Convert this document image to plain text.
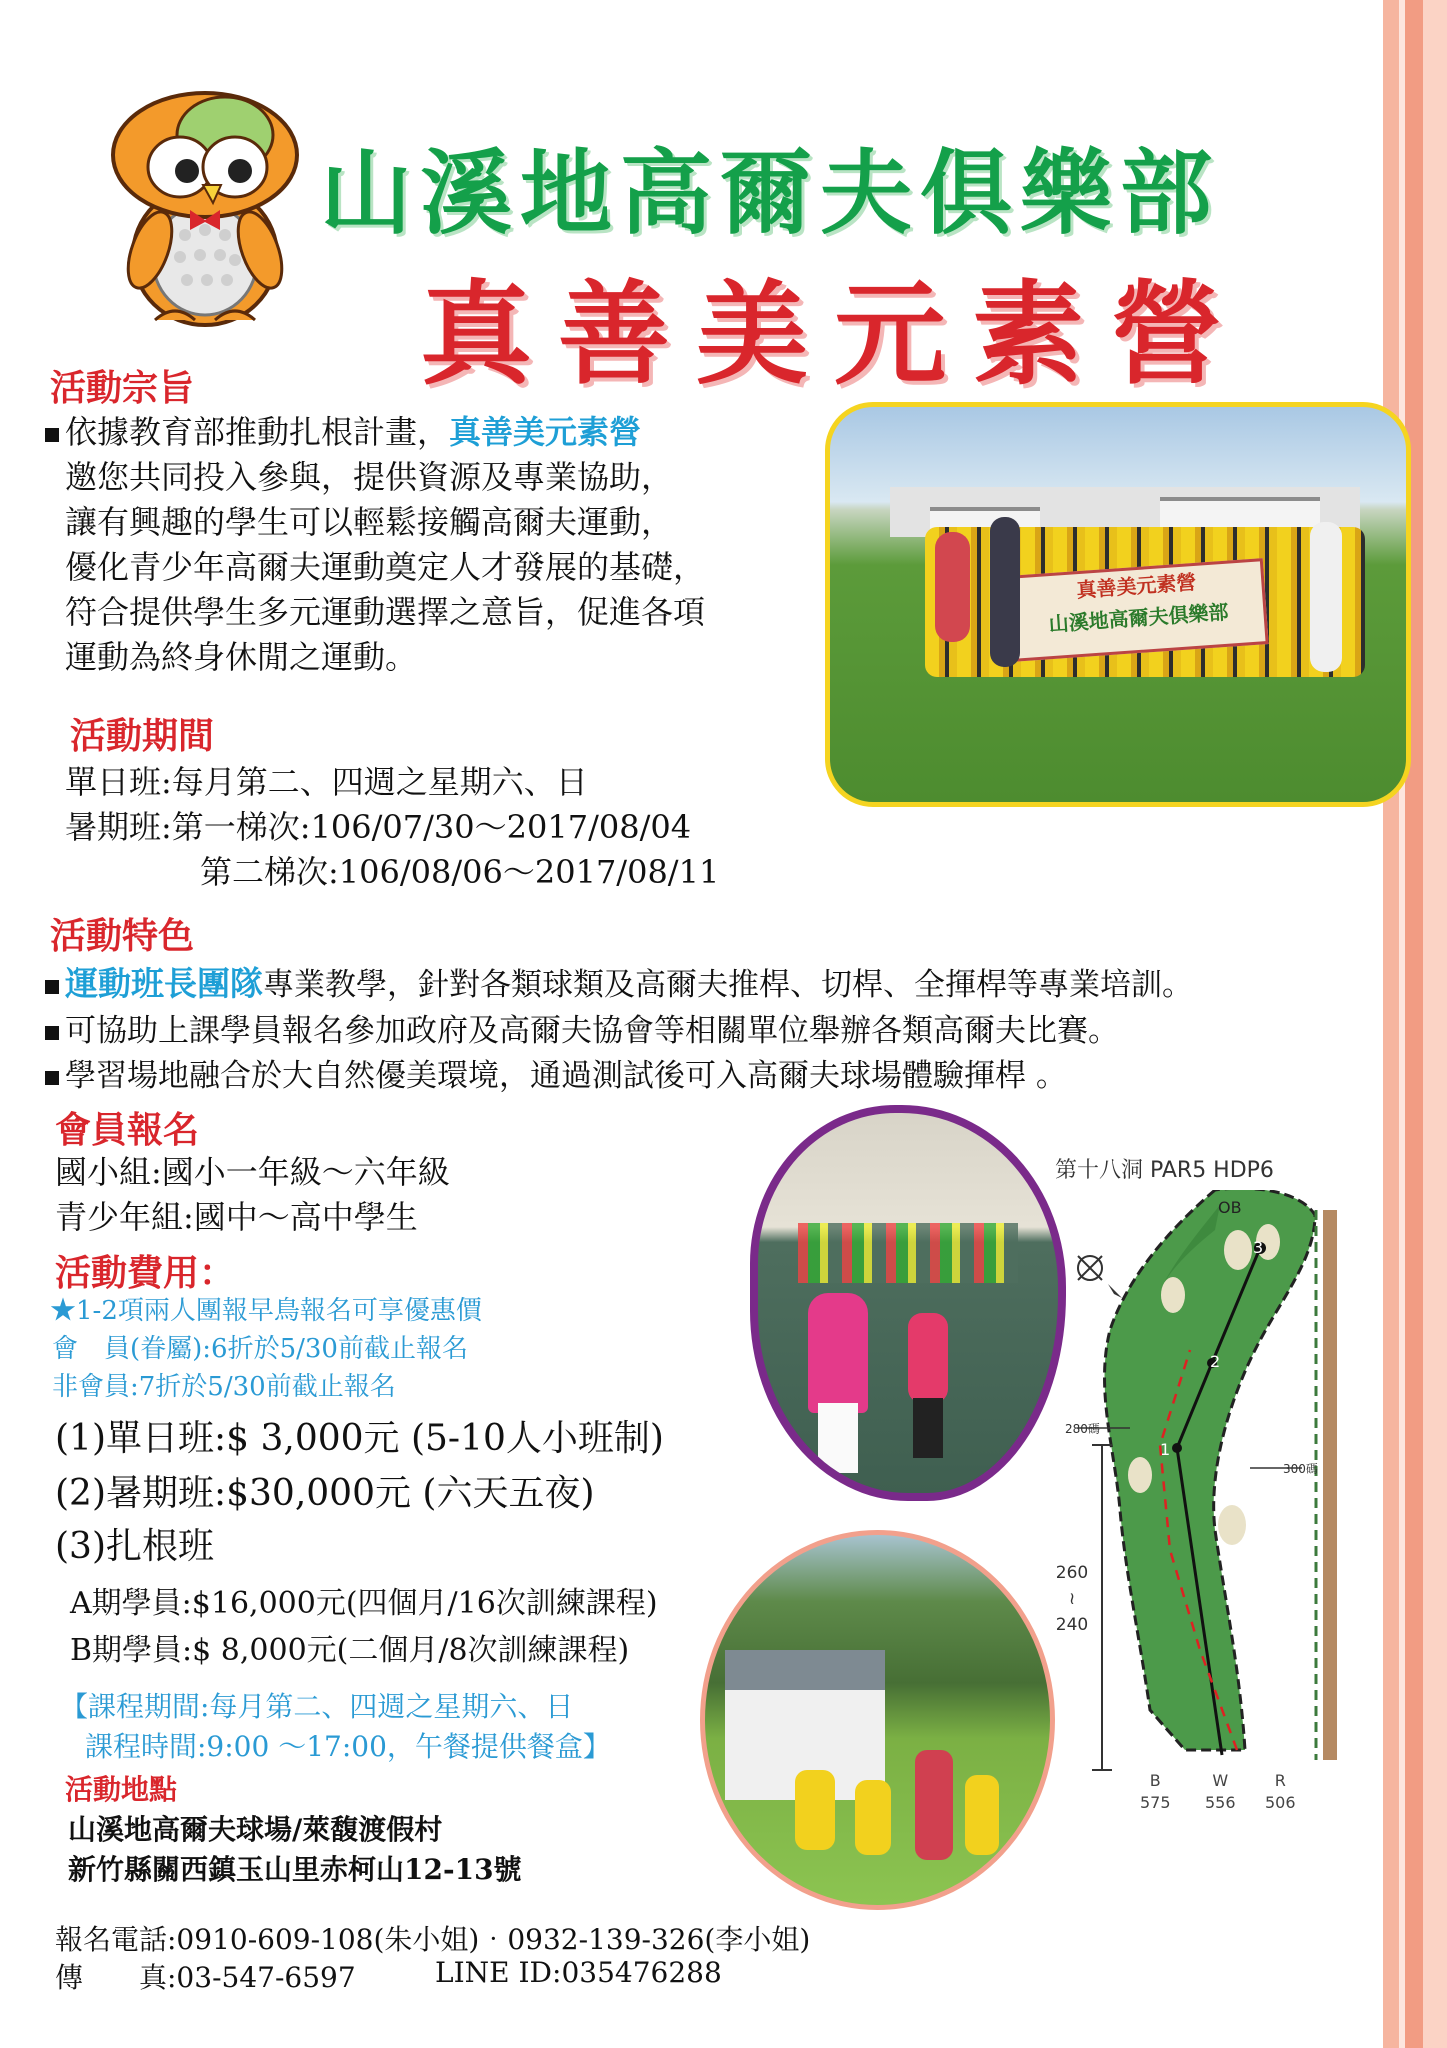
山溪地高爾夫俱樂部
真善美元素營
活動宗旨
依據教育部推動扎根計畫，真善美元素營
邀您共同投入參與，提供資源及專業協助，
讓有興趣的學生可以輕鬆接觸高爾夫運動，
優化青少年高爾夫運動奠定人才發展的基礎，
符合提供學生多元運動選擇之意旨，促進各項
運動為終身休閒之運動。
真善美元素營
山溪地高爾夫俱樂部
活動期間
單日班:每月第二、四週之星期六、日
暑期班:第一梯次:106/07/30～2017/08/04
第二梯次:106/08/06～2017/08/11
活動特色
運動班長團隊專業教學，針對各類球類及高爾夫推桿、切桿、全揮桿等專業培訓。
可協助上課學員報名參加政府及高爾夫協會等相關單位舉辦各類高爾夫比賽。
學習場地融合於大自然優美環境，通過測試後可入高爾夫球場體驗揮桿 。
會員報名
國小組:國小一年級～六年級
青少年組:國中～高中學生
活動費用：
★1-2項兩人團報早鳥報名可享優惠價
會　員(眷屬):6折於5/30前截止報名
非會員:7折於5/30前截止報名
(1)單日班:$ 3,000元 (5-10人小班制)
(2)暑期班:$30,000元 (六天五夜)
(3)扎根班
A期學員:$16,000元(四個月/16次訓練課程)
B期學員:$ 8,000元(二個月/8次訓練課程)
【課程期間:每月第二、四週之星期六、日
課程時間:9:00 ～17:00，午餐提供餐盒】
活動地點
山溪地高爾夫球場/萊馥渡假村
新竹縣關西鎮玉山里赤柯山12-13號
報名電話:0910-609-108(朱小姐)‧0932-139-326(李小姐)
傳　　真:03-547-6597	LINE ID:035476288
第十八洞 PAR5 HDP6
OB
3
2
1
280碼
300碼
260
≀
240
B
575
W
556
R
506
